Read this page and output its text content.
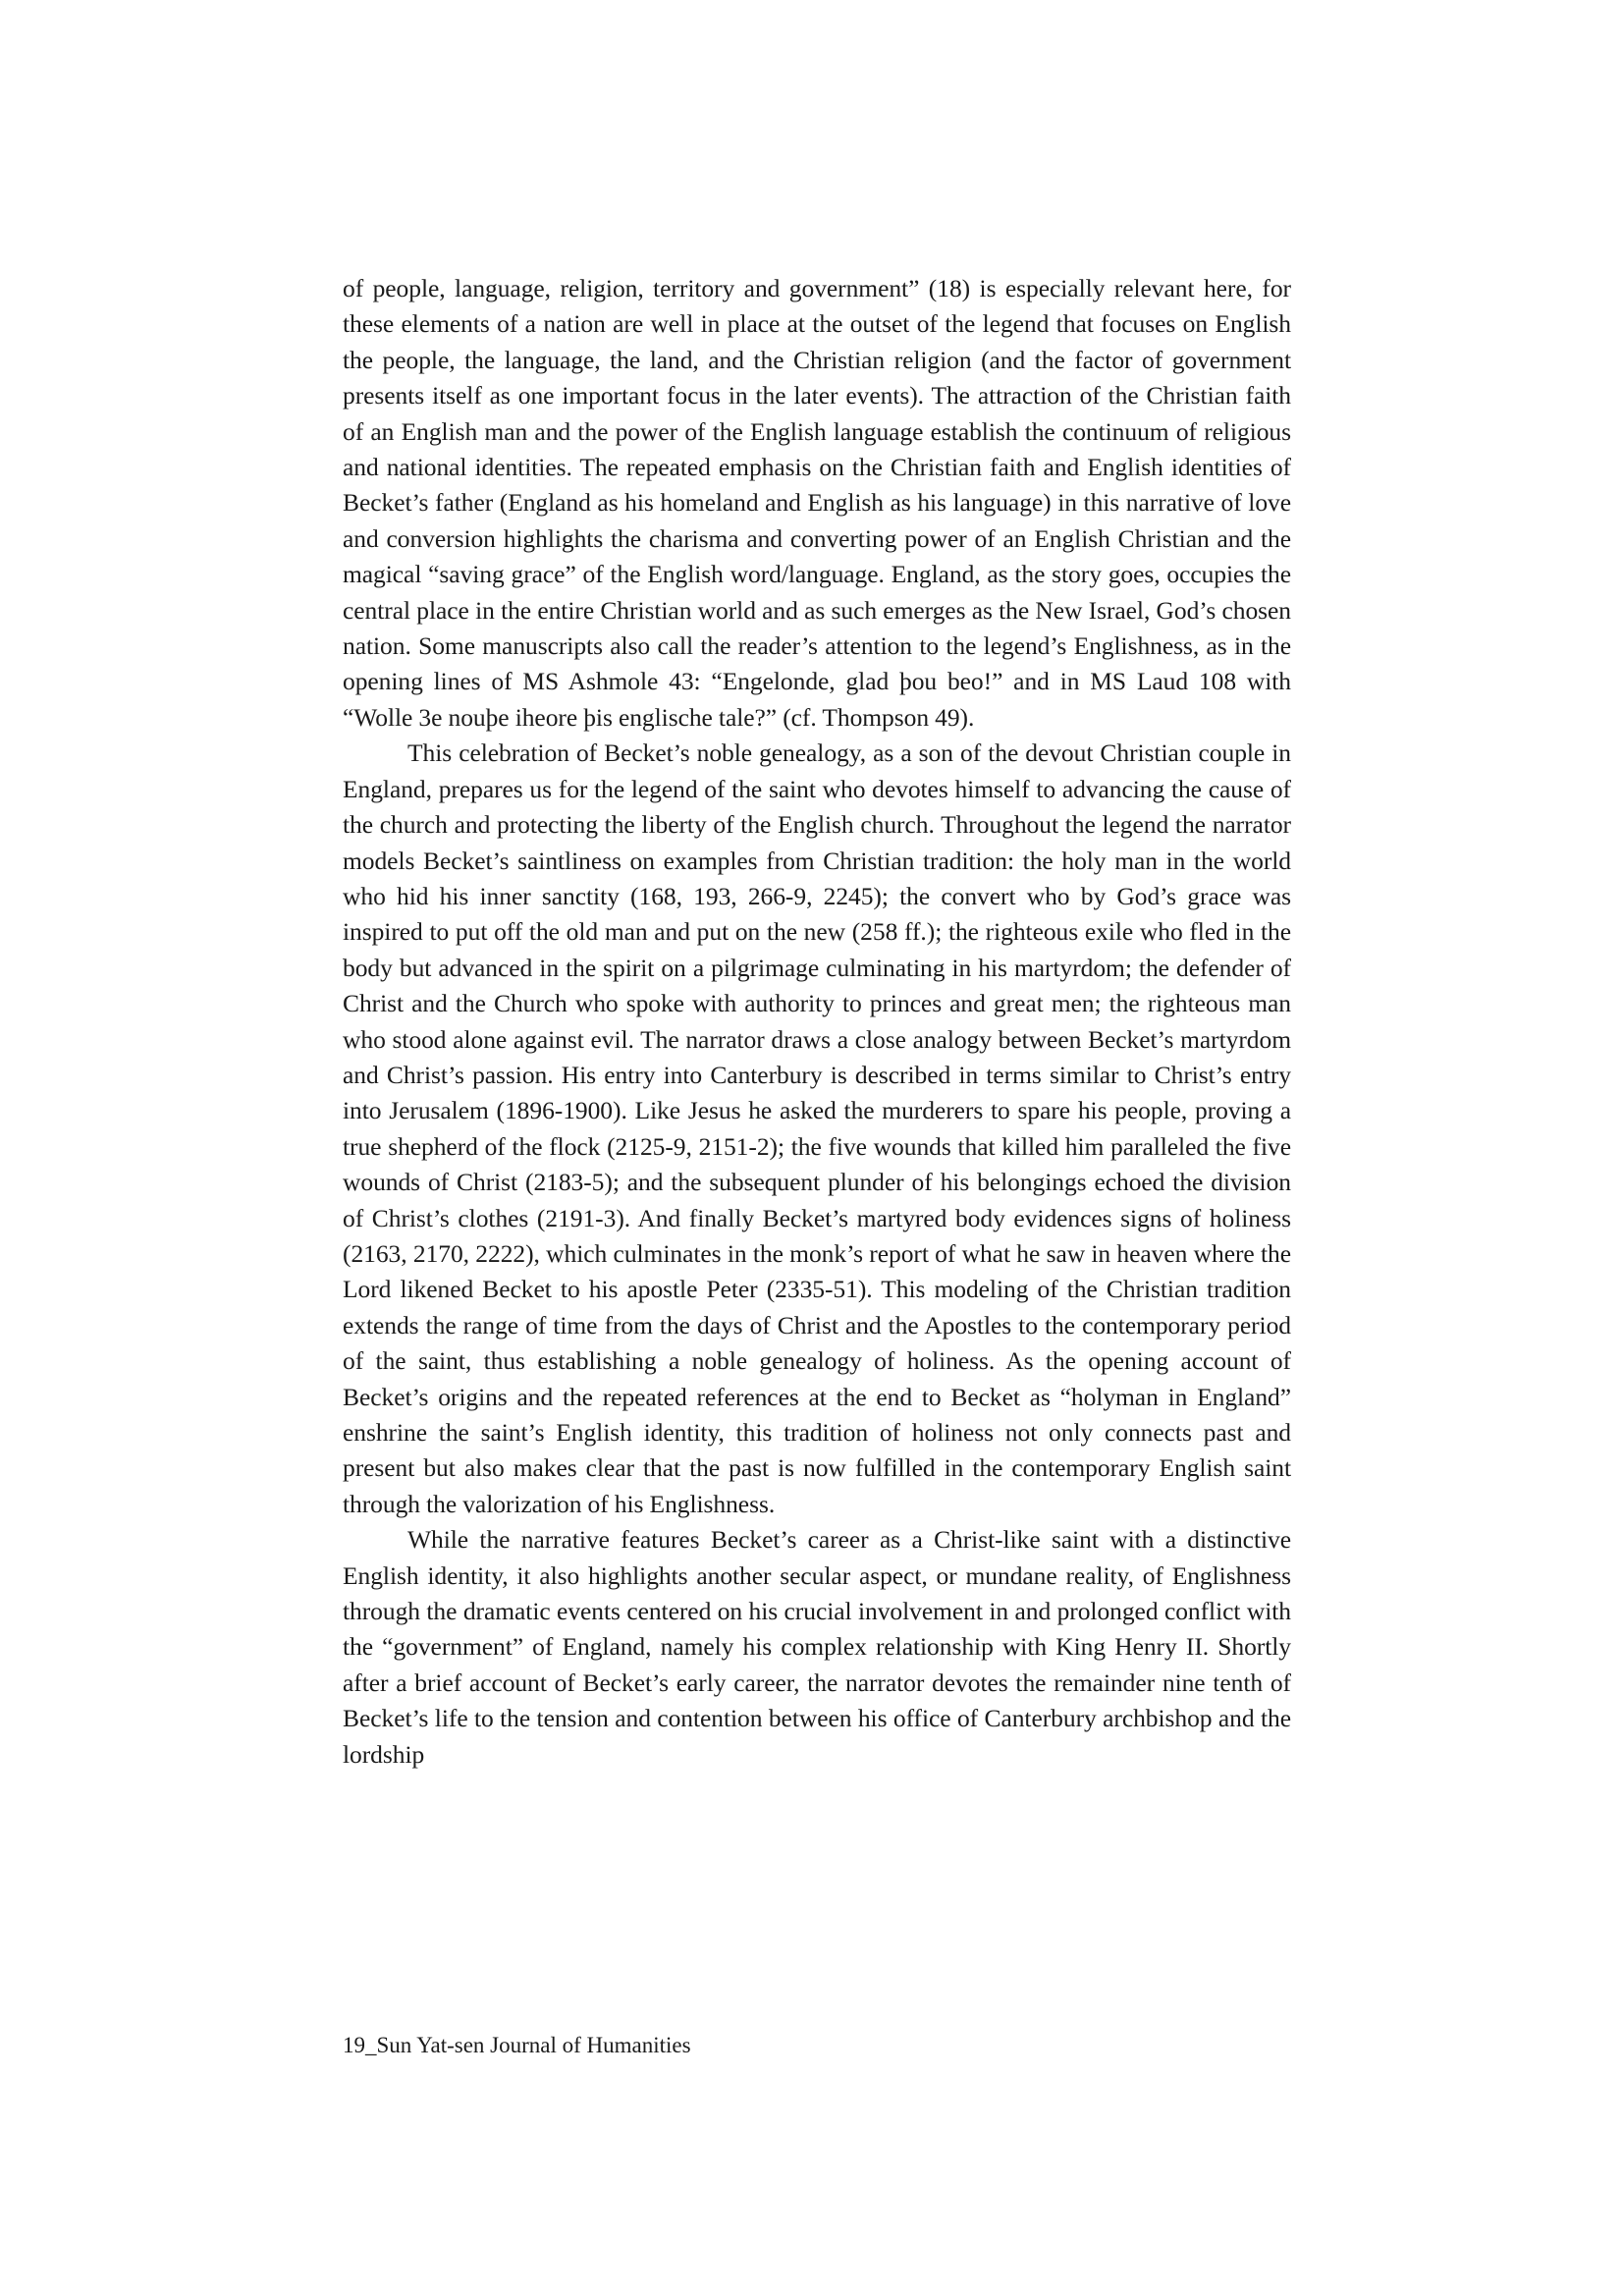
of people, language, religion, territory and government” (18) is especially relevant here, for these elements of a nation are well in place at the outset of the legend that focuses on English the people, the language, the land, and the Christian religion (and the factor of government presents itself as one important focus in the later events). The attraction of the Christian faith of an English man and the power of the English language establish the continuum of religious and national identities. The repeated emphasis on the Christian faith and English identities of Becket’s father (England as his homeland and English as his language) in this narrative of love and conversion highlights the charisma and converting power of an English Christian and the magical “saving grace” of the English word/language. England, as the story goes, occupies the central place in the entire Christian world and as such emerges as the New Israel, God’s chosen nation. Some manuscripts also call the reader’s attention to the legend’s Englishness, as in the opening lines of MS Ashmole 43: “Engelonde, glad þou beo!” and in MS Laud 108 with “Wolle 3e nouþe iheore þis englische tale?” (cf. Thompson 49).

This celebration of Becket’s noble genealogy, as a son of the devout Christian couple in England, prepares us for the legend of the saint who devotes himself to advancing the cause of the church and protecting the liberty of the English church. Throughout the legend the narrator models Becket’s saintliness on examples from Christian tradition: the holy man in the world who hid his inner sanctity (168, 193, 266-9, 2245); the convert who by God’s grace was inspired to put off the old man and put on the new (258 ff.); the righteous exile who fled in the body but advanced in the spirit on a pilgrimage culminating in his martyrdom; the defender of Christ and the Church who spoke with authority to princes and great men; the righteous man who stood alone against evil. The narrator draws a close analogy between Becket’s martyrdom and Christ’s passion. His entry into Canterbury is described in terms similar to Christ’s entry into Jerusalem (1896-1900). Like Jesus he asked the murderers to spare his people, proving a true shepherd of the flock (2125-9, 2151-2); the five wounds that killed him paralleled the five wounds of Christ (2183-5); and the subsequent plunder of his belongings echoed the division of Christ’s clothes (2191-3). And finally Becket’s martyred body evidences signs of holiness (2163, 2170, 2222), which culminates in the monk’s report of what he saw in heaven where the Lord likened Becket to his apostle Peter (2335-51). This modeling of the Christian tradition extends the range of time from the days of Christ and the Apostles to the contemporary period of the saint, thus establishing a noble genealogy of holiness. As the opening account of Becket’s origins and the repeated references at the end to Becket as “holyman in England” enshrine the saint’s English identity, this tradition of holiness not only connects past and present but also makes clear that the past is now fulfilled in the contemporary English saint through the valorization of his Englishness.

While the narrative features Becket’s career as a Christ-like saint with a distinctive English identity, it also highlights another secular aspect, or mundane reality, of Englishness through the dramatic events centered on his crucial involvement in and prolonged conflict with the “government” of England, namely his complex relationship with King Henry II. Shortly after a brief account of Becket’s early career, the narrator devotes the remainder nine tenth of Becket’s life to the tension and contention between his office of Canterbury archbishop and the lordship

19_Sun Yat-sen Journal of Humanities
